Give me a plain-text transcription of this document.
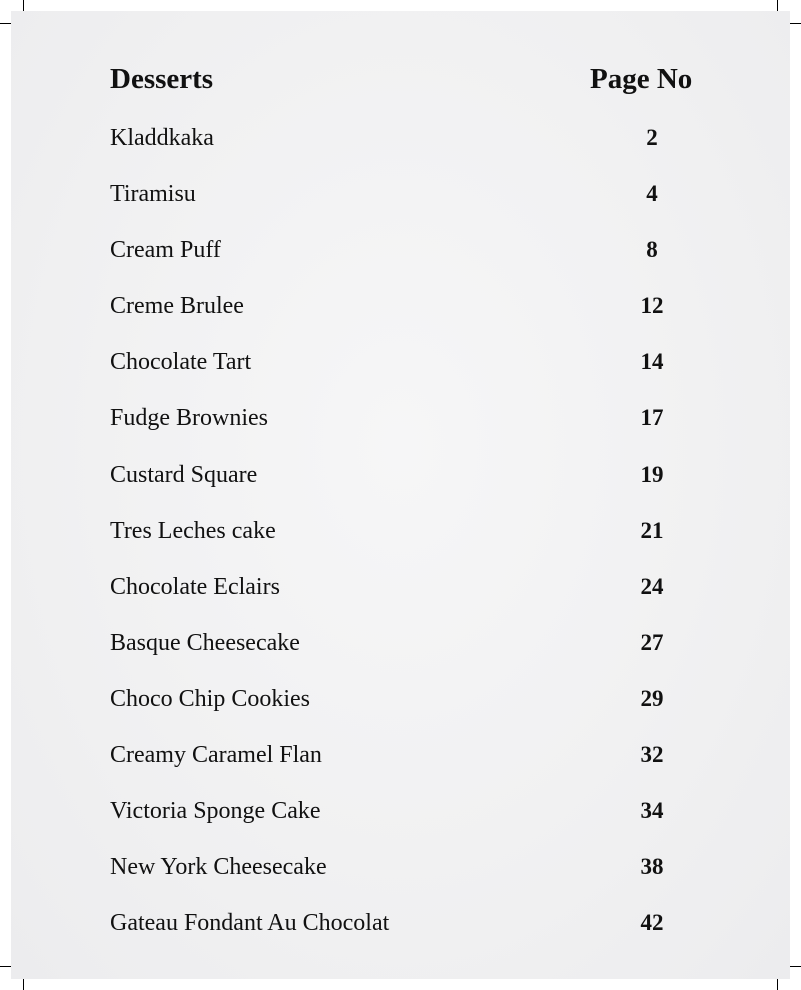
Desserts	Page No
Kladdkaka	2
Tiramisu	4
Cream Puff	8
Creme Brulee	12
Chocolate Tart	14
Fudge Brownies	17
Custard Square	19
Tres Leches cake	21
Chocolate Eclairs	24
Basque Cheesecake	27
Choco Chip Cookies	29
Creamy Caramel Flan	32
Victoria Sponge Cake	34
New York Cheesecake	38
Gateau Fondant Au Chocolat	42
